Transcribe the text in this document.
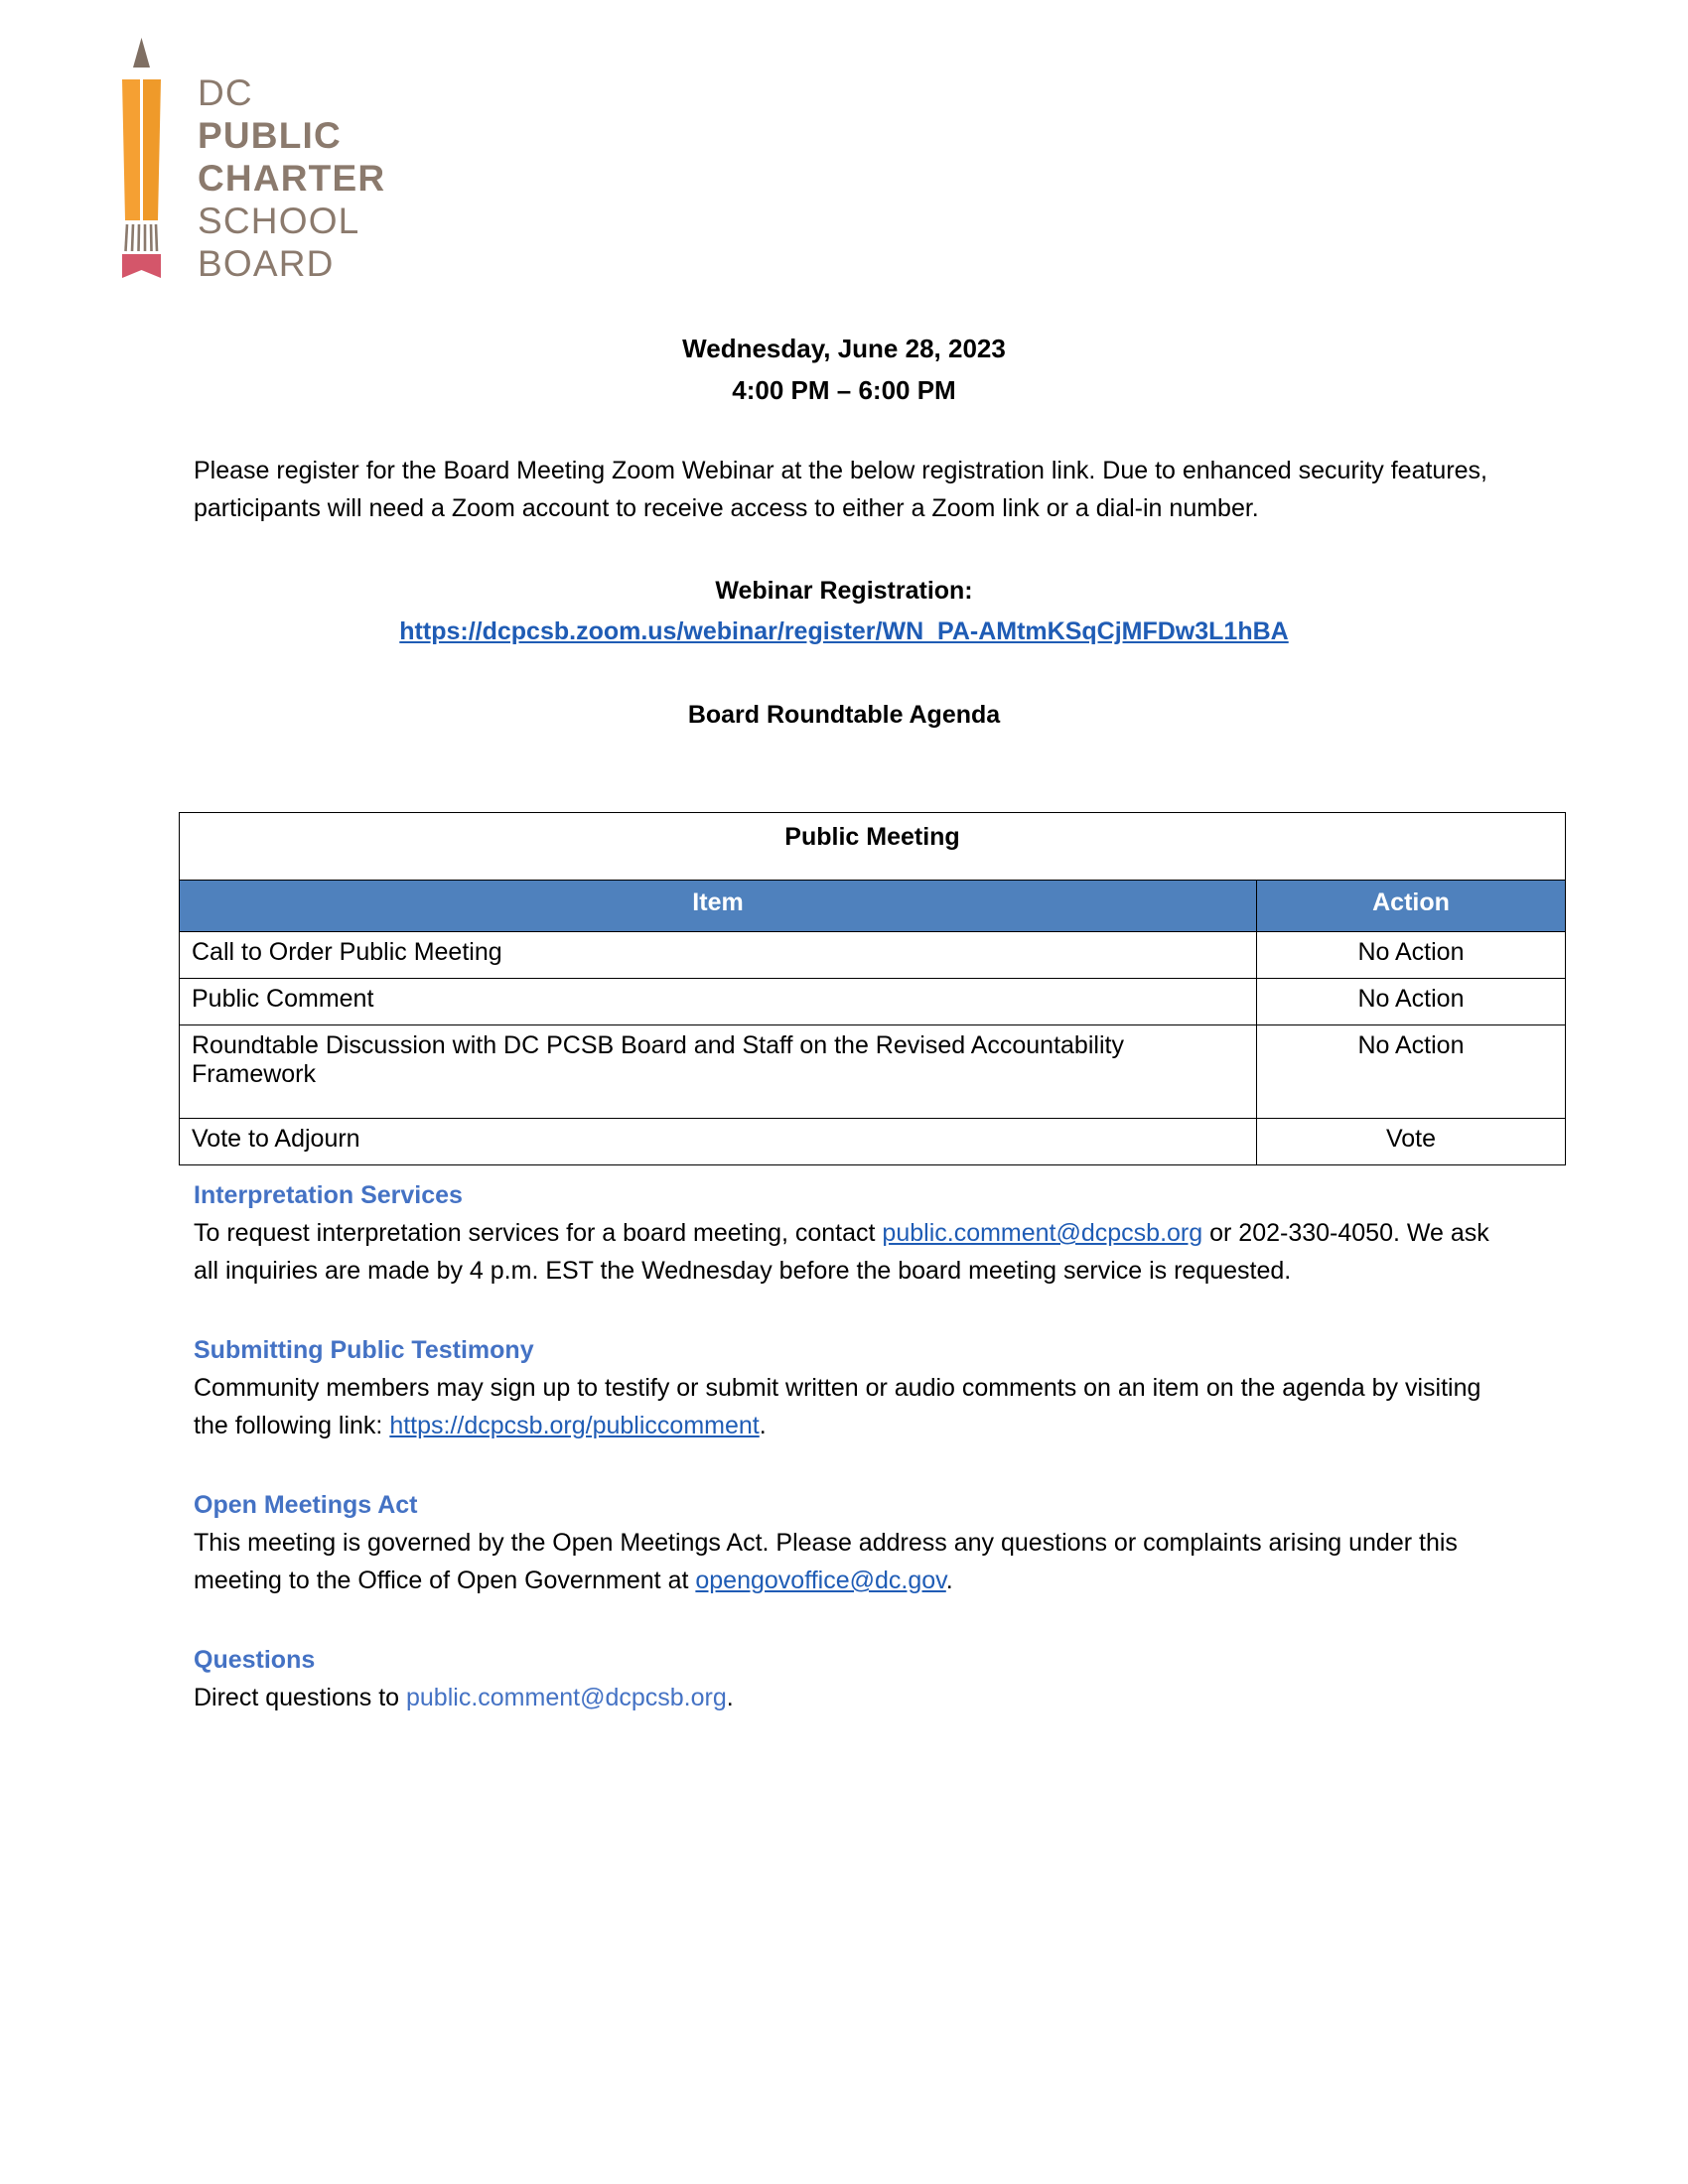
DC
PUBLIC
CHARTER
SCHOOL
BOARD
Wednesday, June 28, 2023
4:00 PM – 6:00 PM

Please register for the Board Meeting Zoom Webinar at the below registration link. Due to enhanced security features, participants will need a Zoom account to receive access to either a Zoom link or a dial-in number.

Webinar Registration:
https://dcpcsb.zoom.us/webinar/register/WN_PA-AMtmKSqCjMFDw3L1hBA
Board Roundtable Agenda
Public Meeting	
Item	Action
Call to Order Public Meeting	No Action
Public Comment	No Action
Roundtable Discussion with DC PCSB Board and Staff on the Revised Accountability Framework	No Action
Vote to Adjourn	Vote
Interpretation Services

To request interpretation services for a board meeting, contact public.comment@dcpcsb.org or 202-330-4050. We ask all inquiries are made by 4 p.m. EST the Wednesday before the board meeting service is requested.

Submitting Public Testimony

Community members may sign up to testify or submit written or audio comments on an item on the agenda by visiting the following link: https://dcpcsb.org/publiccomment.

Open Meetings Act

This meeting is governed by the Open Meetings Act. Please address any questions or complaints arising under this meeting to the Office of Open Government at opengovoffice@dc.gov.

Questions

Direct questions to public.comment@dcpcsb.org.
